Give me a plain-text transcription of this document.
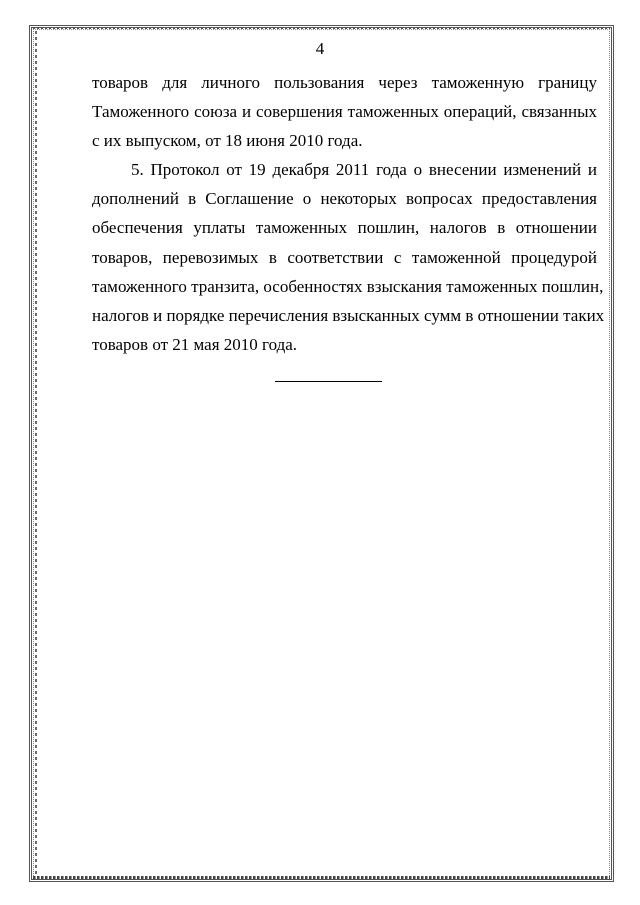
4

товаров для личного пользования через таможенную границу
Таможенного союза и совершения таможенных операций, связанных
с их выпуском, от 18 июня 2010 года.

5. Протокол от 19 декабря 2011 года о внесении изменений и
дополнений в Соглашение о некоторых вопросах предоставления
обеспечения уплаты таможенных пошлин, налогов в отношении
товаров, перевозимых в соответствии с таможенной процедурой
таможенного транзита, особенностях взыскания таможенных пошлин,
налогов и порядке перечисления взысканных сумм в отношении таких
товаров от 21 мая 2010 года.
